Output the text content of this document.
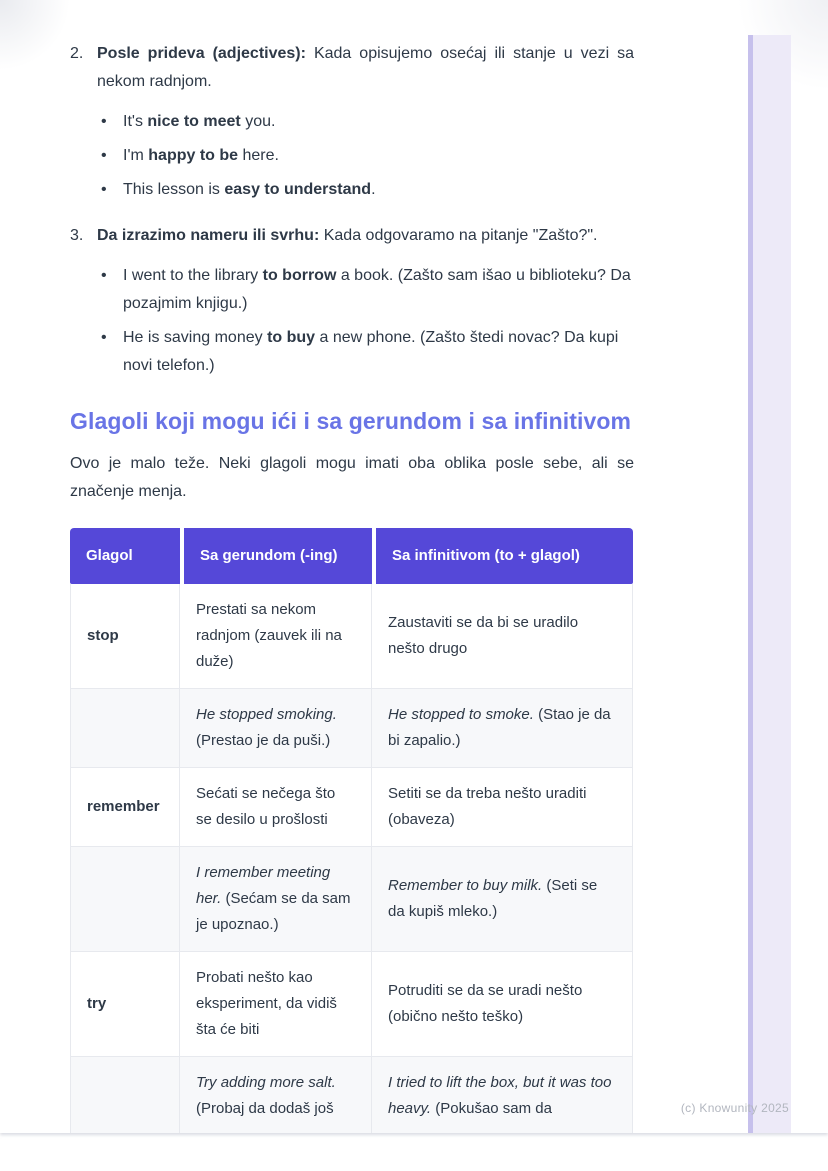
2. Posle prideva (adjectives): Kada opisujemo osećaj ili stanje u vezi sa nekom radnjom.

•	It's nice to meet you.
•	I'm happy to be here.
•	This lesson is easy to understand.
3. Da izrazimo nameru ili svrhu: Kada odgovaramo na pitanje "Zašto?".

•	I went to the library to borrow a book. (Zašto sam išao u biblioteku? Da pozajmim knjigu.)
•	He is saving money to buy a new phone. (Zašto štedi novac? Da kupi novi telefon.)
Glagoli koji mogu ići i sa gerundom i sa infinitivom

Ovo je malo teže. Neki glagoli mogu imati oba oblika posle sebe, ali se značenje menja.

Glagol	Sa gerundom (-ing)	Sa infinitivom (to + glagol)
stop	Prestati sa nekom radnjom (zauvek ili na duže)	Zaustaviti se da bi se uradilo nešto drugo
	He stopped smoking. (Prestao je da puši.)	He stopped to smoke. (Stao je da bi zapalio.)
remember	Sećati se nečega što se desilo u prošlosti	Setiti se da treba nešto uraditi (obaveza)
	I remember meeting her. (Sećam se da sam je upoznao.)	Remember to buy milk. (Seti se da kupiš mleko.)
try	Probati nešto kao eksperiment, da vidiš šta će biti	Potruditi se da se uradi nešto (obično nešto teško)
	Try adding more salt. (Probaj da dodaš još	I tried to lift the box, but it was too heavy. (Pokušao sam da	(c) Knowunity 2025
